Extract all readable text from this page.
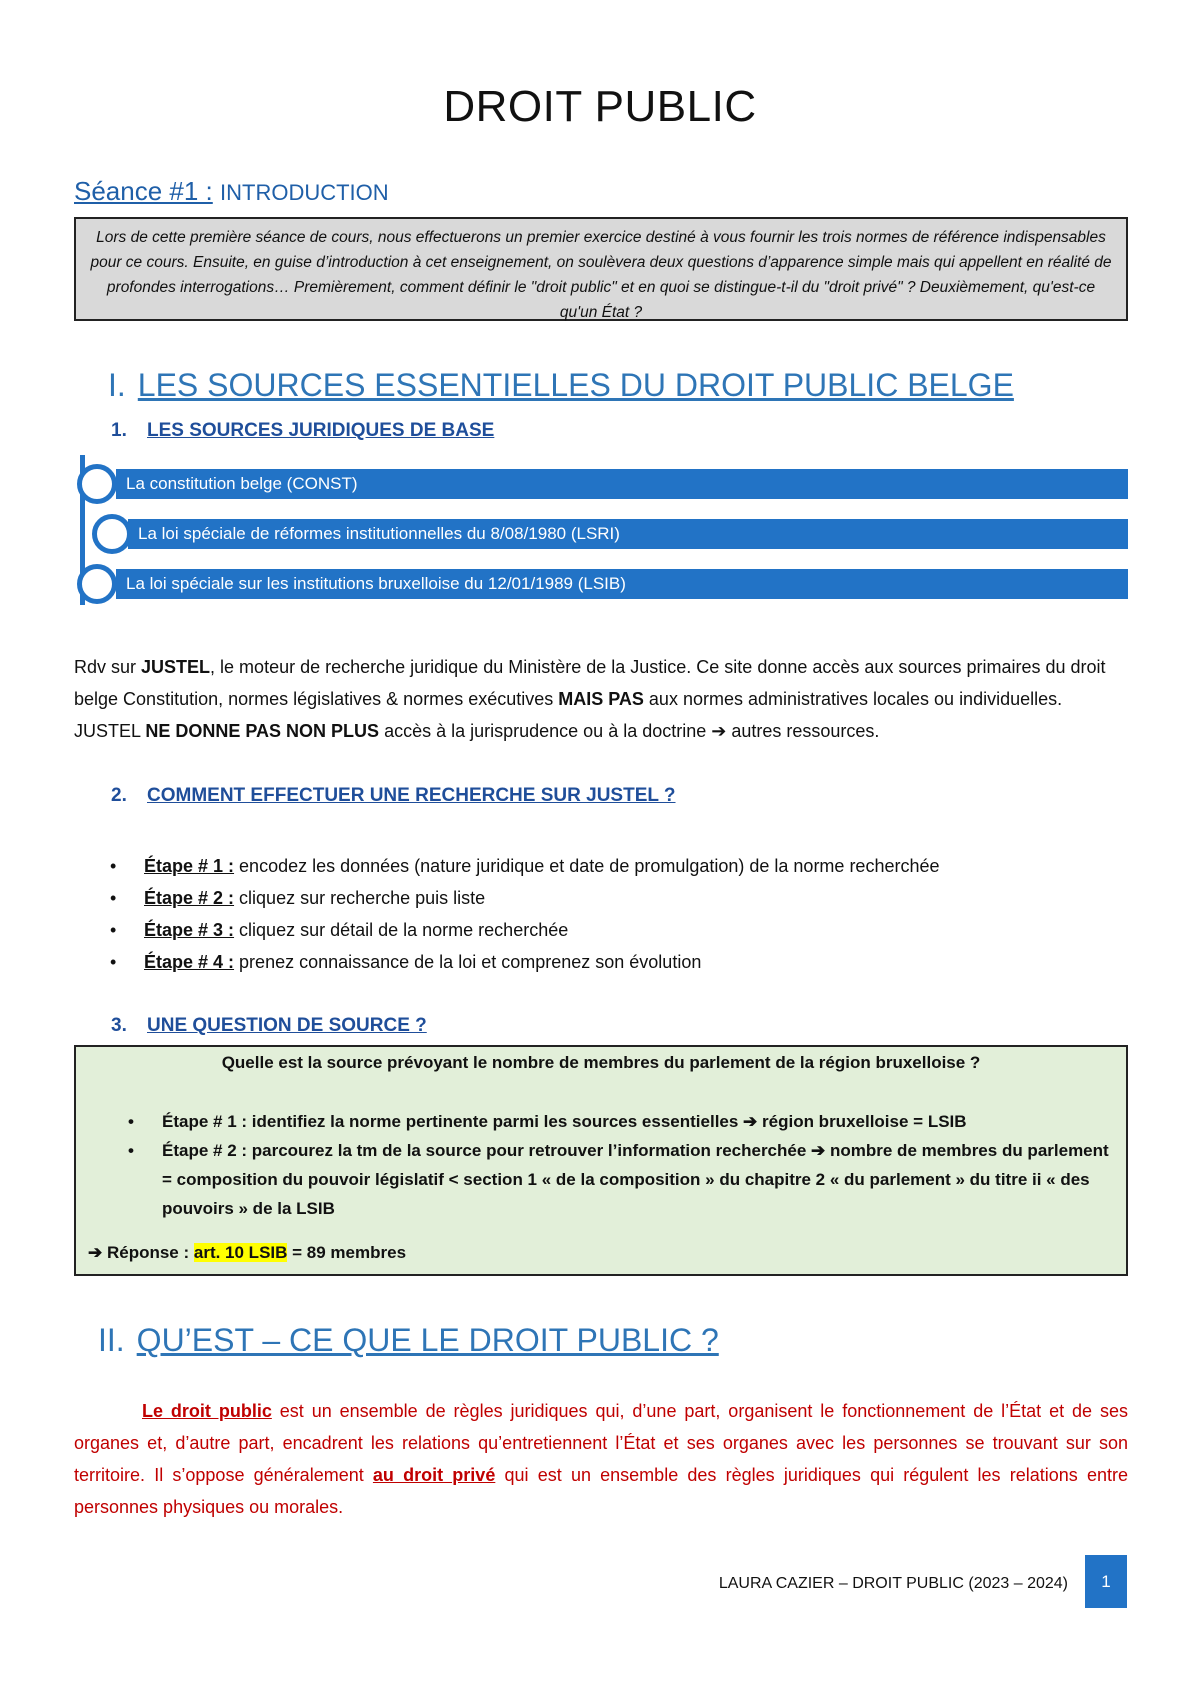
DROIT PUBLIC
Séance #1 : INTRODUCTION
Lors de cette première séance de cours, nous effectuerons un premier exercice destiné à vous fournir les trois normes de référence indispensables pour ce cours. Ensuite, en guise d’introduction à cet enseignement, on soulèvera deux questions d’apparence simple mais qui appellent en réalité de profondes interrogations… Premièrement, comment définir le "droit public" et en quoi se distingue-t-il du "droit privé" ? Deuxièmement, qu'est-ce qu'un État ?
I. LES SOURCES ESSENTIELLES DU DROIT PUBLIC BELGE
1. LES SOURCES JURIDIQUES DE BASE
La constitution belge (CONST)
La loi spéciale de réformes institutionnelles du 8/08/1980 (LSRI)
La loi spéciale sur les institutions bruxelloise du 12/01/1989 (LSIB)
Rdv sur JUSTEL, le moteur de recherche juridique du Ministère de la Justice. Ce site donne accès aux sources primaires du droit belge Constitution, normes législatives & normes exécutives MAIS PAS aux normes administratives locales ou individuelles. JUSTEL NE DONNE PAS NON PLUS accès à la jurisprudence ou à la doctrine ➔ autres ressources.
2. COMMENT EFFECTUER UNE RECHERCHE SUR JUSTEL ?
• Étape # 1 : encodez les données (nature juridique et date de promulgation) de la norme recherchée
• Étape # 2 : cliquez sur recherche puis liste
• Étape # 3 : cliquez sur détail de la norme recherchée
• Étape # 4 : prenez connaissance de la loi et comprenez son évolution
3. UNE QUESTION DE SOURCE ?
Quelle est la source prévoyant le nombre de membres du parlement de la région bruxelloise ?
• Étape # 1 : identifiez la norme pertinente parmi les sources essentielles ➔ région bruxelloise = LSIB
• Étape # 2 : parcourez la tm de la source pour retrouver l’information recherchée ➔ nombre de membres du parlement = composition du pouvoir législatif < section 1 « de la composition » du chapitre 2 « du parlement » du titre ii « des pouvoirs » de la LSIB
➔ Réponse : art. 10 LSIB = 89 membres
II. QU’EST – CE QUE LE DROIT PUBLIC ?
Le droit public est un ensemble de règles juridiques qui, d’une part, organisent le fonctionnement de l’État et de ses organes et, d’autre part, encadrent les relations qu’entretiennent l’État et ses organes avec les personnes se trouvant sur son territoire. Il s’oppose généralement au droit privé qui est un ensemble des règles juridiques qui régulent les relations entre personnes physiques ou morales.
LAURA CAZIER – DROIT PUBLIC (2023 – 2024)	1
